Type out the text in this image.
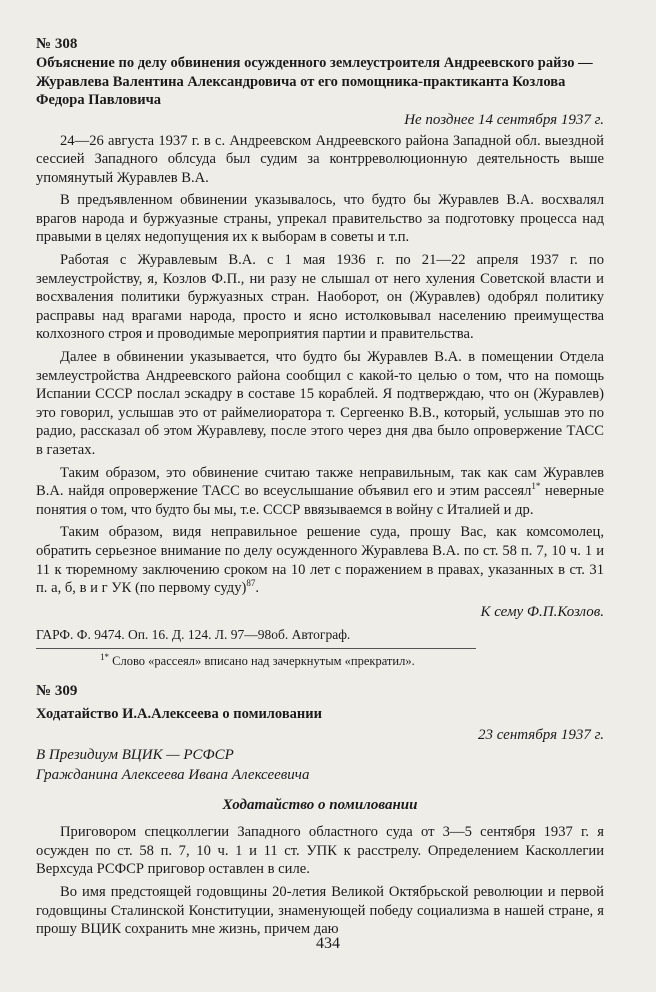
№ 308

Объяснение по делу обвинения осужденного землеустроителя Андреевского райзо — Журавлева Валентина Александровича от его помощника-практиканта Козлова Федора Павловича

Не позднее 14 сентября 1937 г.

24—26 августа 1937 г. в с. Андреевском Андреевского района Западной обл. выездной сессией Западного облсуда был судим за контрреволюционную деятельность выше упомянутый Журавлев В.А.

В предъявленном обвинении указывалось, что будто бы Журавлев В.А. восхвалял врагов народа и буржуазные страны, упрекал правительство за подготовку процесса над правыми в целях недопущения их к выборам в советы и т.п.

Работая с Журавлевым В.А. с 1 мая 1936 г. по 21—22 апреля 1937 г. по землеустройству, я, Козлов Ф.П., ни разу не слышал от него хуления Советской власти и восхваления политики буржуазных стран. Наоборот, он (Журавлев) одобрял политику расправы над врагами народа, просто и ясно истолковывал населению преимущества колхозного строя и проводимые мероприятия партии и правительства.

Далее в обвинении указывается, что будто бы Журавлев В.А. в помещении Отдела землеустройства Андреевского района сообщил с какой-то целью о том, что на помощь Испании СССР послал эскадру в составе 15 кораблей. Я подтверждаю, что он (Журавлев) это говорил, услышав это от раймелиоратора т. Сергеенко В.В., который, услышав это по радио, рассказал об этом Журавлеву, после этого через дня два было опровержение ТАСС в газетах.

Таким образом, это обвинение считаю также неправильным, так как сам Журавлев В.А. найдя опровержение ТАСС во всеуслышание объявил его и этим рассеял$^{1*}$ неверные понятия о том, что будто бы мы, т.е. СССР ввязываемся в войну с Италией и др.

Таким образом, видя неправильное решение суда, прошу Вас, как комсомолец, обратить серьезное внимание по делу осужденного Журавлева В.А. по ст. 58 п. 7, 10 ч. 1 и 11 к тюремному заключению сроком на 10 лет с поражением в правах, указанных в ст. 31 п. а, б, в и г УК (по первому суду)$^{87}$.

К сему Ф.П.Козлов.

ГАРФ. Ф. 9474. Оп. 16. Д. 124. Л. 97—98об. Автограф.

$^{1*}$ Слово «рассеял» вписано над зачеркнутым «прекратил».

№ 309

Ходатайство И.А.Алексеева о помиловании

23 сентября 1937 г.

В Президиум ВЦИК — РСФСР

Гражданина Алексеева Ивана Алексеевича

Ходатайство о помиловании

Приговором спецколлегии Западного областного суда от 3—5 сентября 1937 г. я осужден по ст. 58 п. 7, 10 ч. 1 и 11 ст. УПК к расстрелу. Определением Касколлегии Верхсуда РСФСР приговор оставлен в силе.

Во имя предстоящей годовщины 20-летия Великой Октябрьской революции и первой годовщины Сталинской Конституции, знаменующей победу социализма в нашей стране, я прошу ВЦИК сохранить мне жизнь, причем даю

434
